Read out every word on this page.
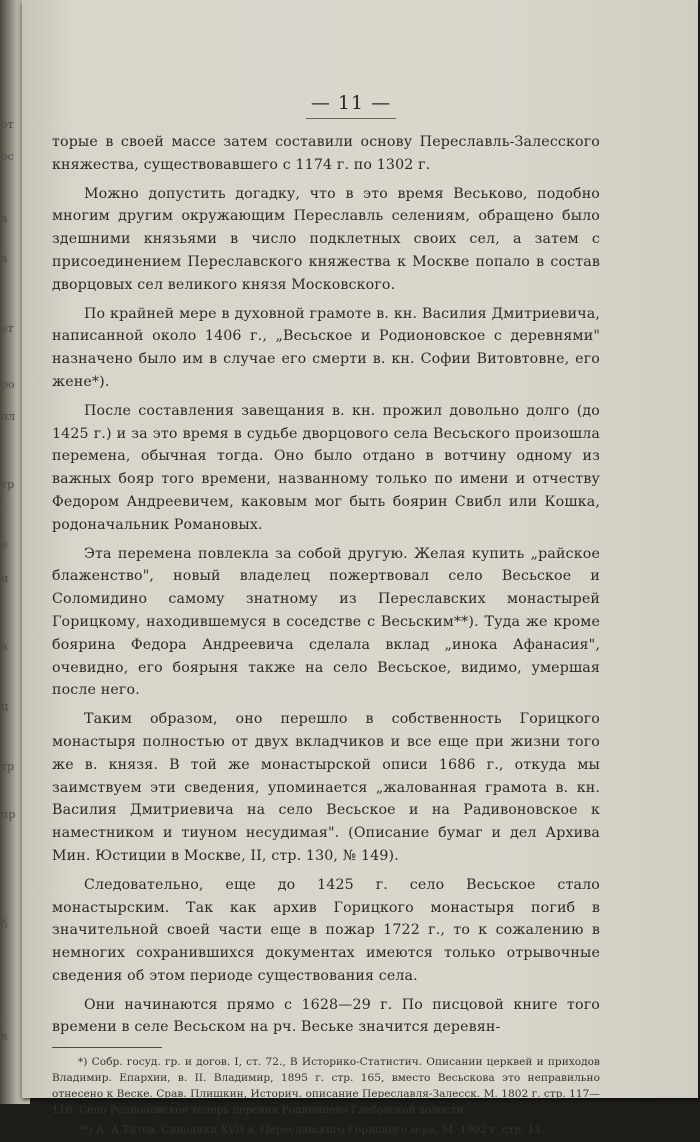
от
ос
в
в
ет
ро
лл
тр
е
и
а
ц
тр
пр
б
в
— 11 —

торые в своей массе затем составили основу Переславль-Залесского княжества, существовавшего с 1174 г. по 1302 г.

Можно допустить догадку, что в это время Веськово, подобно многим другим окружающим Переславль селениям, обращено было здешними князьями в число подклетных своих сел, а затем с присоединением Переславского княжества к Москве попало в состав дворцовых сел великого князя Московского.

По крайней мере в духовной грамоте в. кн. Василия Дмитриевича, написанной около 1406 г., „Весьское и Родионовское с деревнями" назначено было им в случае его смерти в. кн. Софии Витовтовне, его жене*).

После составления завещания в. кн. прожил довольно долго (до 1425 г.) и за это время в судьбе дворцового села Весьского произошла перемена, обычная тогда. Оно было отдано в вотчину одному из важных бояр того времени, названному только по имени и отчеству Федором Андреевичем, каковым мог быть боярин Свибл или Кошка, родоначальник Романовых.

Эта перемена повлекла за собой другую. Желая купить „райское блаженство", новый владелец пожертвовал село Весьское и Соломидино самому знатному из Переславских монастырей Горицкому, находившемуся в соседстве с Весьским**). Туда же кроме боярина Федора Андреевича сделала вклад „инока Афанасия", очевидно, его боярыня также на село Весьское, видимо, умершая после него.

Таким образом, оно перешло в собственность Горицкого монастыря полностью от двух вкладчиков и все еще при жизни того же в. князя. В той же монастырской описи 1686 г., откуда мы заимствуем эти сведения, упоминается „жалованная грамота в. кн. Василия Дмитриевича на село Весьское и на Радивоновское к наместником и тиуном несудимая". (Описание бумаг и дел Архива Мин. Юстиции в Москве, II, стр. 130, № 149).

Следовательно, еще до 1425 г. село Весьское стало монастырским. Так как архив Горицкого монастыря погиб в значительной своей части еще в пожар 1722 г., то к сожалению в немногих сохранившихся документах имеются только отрывочные сведения об этом периоде существования села.

Они начинаются прямо с 1628—29 г. По писцовой книге того времени в селе Весьском на рч. Веське значится деревян-

*) Собр. госуд. гр. и догов. I, ст. 72., В Историко-Статистич. Описании церквей и приходов Владимир. Епархии, в. II. Владимир, 1895 г. стр. 165, вместо Весьскова это неправильно отнесено к Веске. Срав. Плишкин, Историч. описание Переславля-Залесск. М. 1802 г. стр. 117—118. Село Родионовское теперь деревня Родионцево Глебовской волости.

**) А. А.Титов. Синодики XVII в. Переславского Горицкого м-ря, М. 1902 г. стр. 11.
